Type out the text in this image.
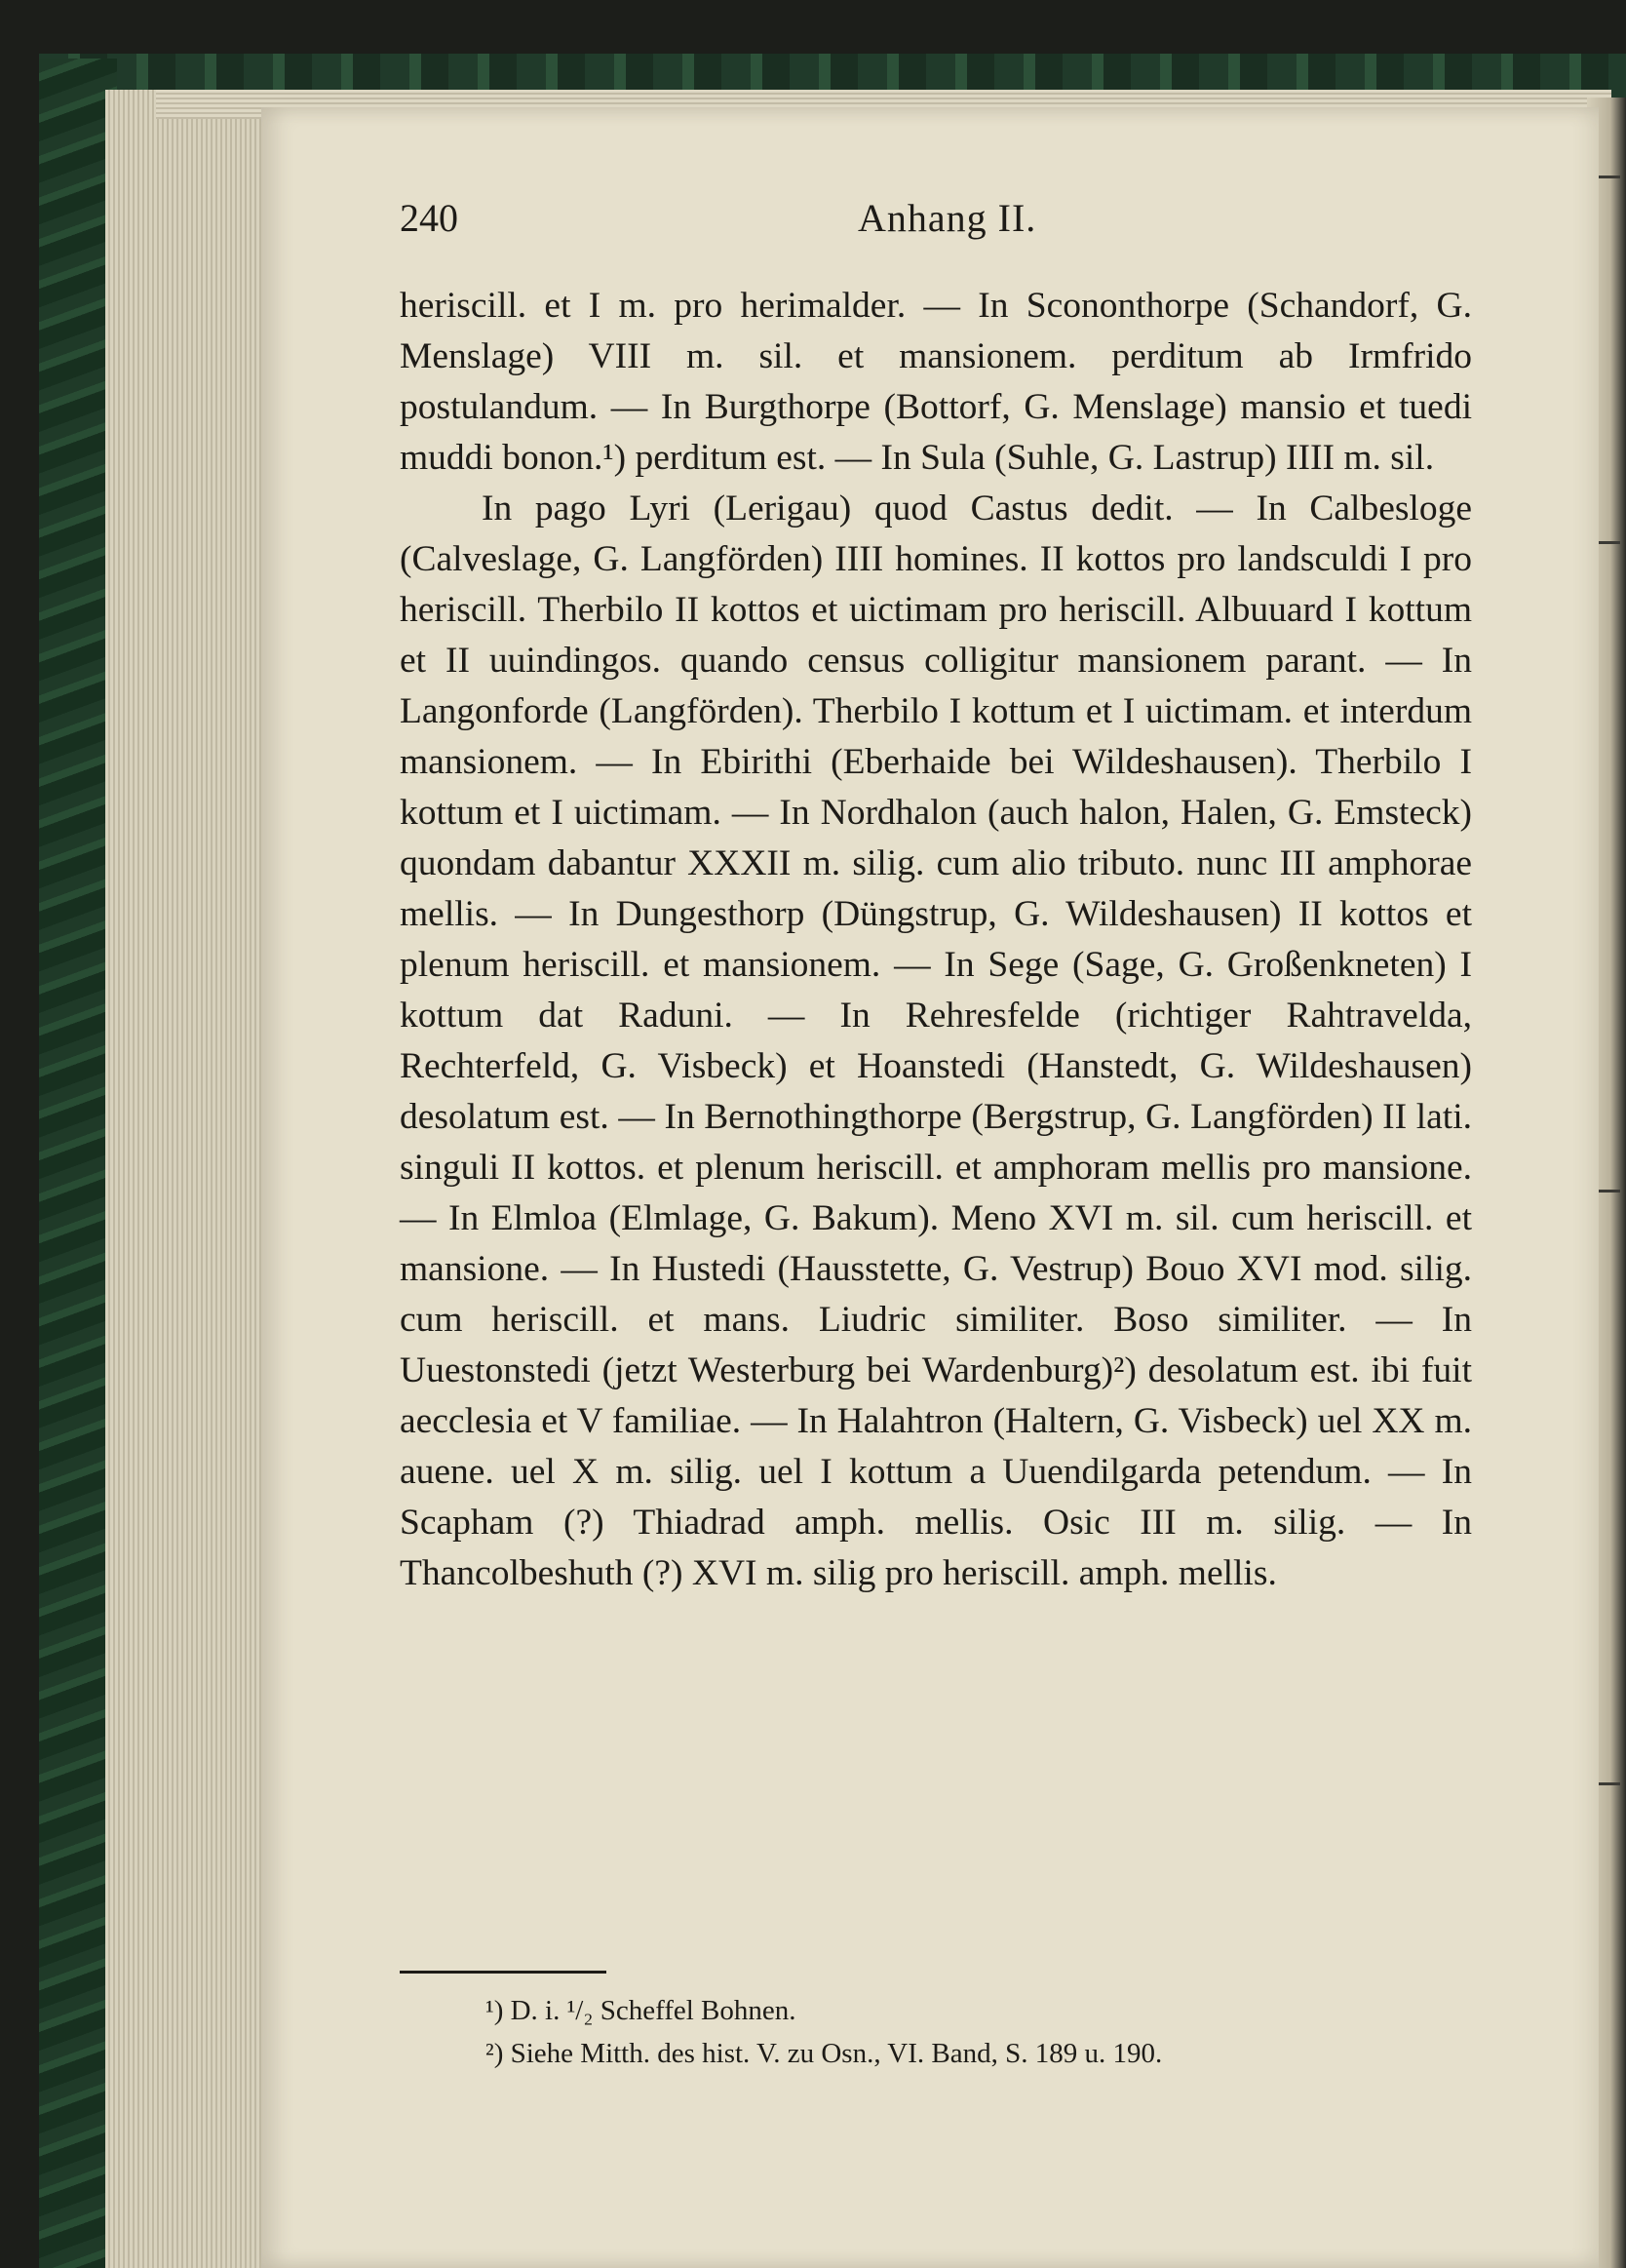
240	Anhang II.

heriscill. et I m. pro herimalder. — In Scononthorpe (Schandorf, G. Menslage) VIII m. sil. et mansionem. perditum ab Irmfrido postulandum. — In Burgthorpe (Bottorf, G. Menslage) mansio et tuedi muddi bonon.¹) perditum est. — In Sula (Suhle, G. Lastrup) IIII m. sil.

In pago Lyri (Lerigau) quod Castus dedit. — In Calbesloge (Calveslage, G. Langförden) IIII homines. II kottos pro landsculdi I pro heriscill. Therbilo II kottos et uictimam pro heriscill. Albuuard I kottum et II uuindingos. quando census colligitur mansionem parant. — In Langonforde (Langförden). Therbilo I kottum et I uictimam. et interdum mansionem. — In Ebirithi (Eberhaide bei Wildeshausen). Therbilo I kottum et I uictimam. — In Nordhalon (auch halon, Halen, G. Emsteck) quondam dabantur XXXII m. silig. cum alio tributo. nunc III amphorae mellis. — In Dungesthorp (Düngstrup, G. Wildeshausen) II kottos et plenum heriscill. et mansionem. — In Sege (Sage, G. Großenkneten) I kottum dat Raduni. — In Rehresfelde (richtiger Rahtravelda, Rechterfeld, G. Visbeck) et Hoanstedi (Hanstedt, G. Wildeshausen) desolatum est. — In Bernothingthorpe (Bergstrup, G. Langförden) II lati. singuli II kottos. et plenum heriscill. et amphoram mellis pro mansione. — In Elmloa (Elmlage, G. Bakum). Meno XVI m. sil. cum heriscill. et mansione. — In Hustedi (Hausstette, G. Vestrup) Bouo XVI mod. silig. cum heriscill. et mans. Liudric similiter. Boso similiter. — In Uuestonstedi (jetzt Westerburg bei Wardenburg)²) desolatum est. ibi fuit aecclesia et V familiae. — In Halahtron (Haltern, G. Visbeck) uel XX m. auene. uel X m. silig. uel I kottum a Uuendilgarda petendum. — In Scapham (?) Thiadrad amph. mellis. Osic III m. silig. — In Thancolbeshuth (?) XVI m. silig pro heriscill. amph. mellis.

¹) D. i. ¹/₂ Scheffel Bohnen.
²) Siehe Mitth. des hist. V. zu Osn., VI. Band, S. 189 u. 190.
